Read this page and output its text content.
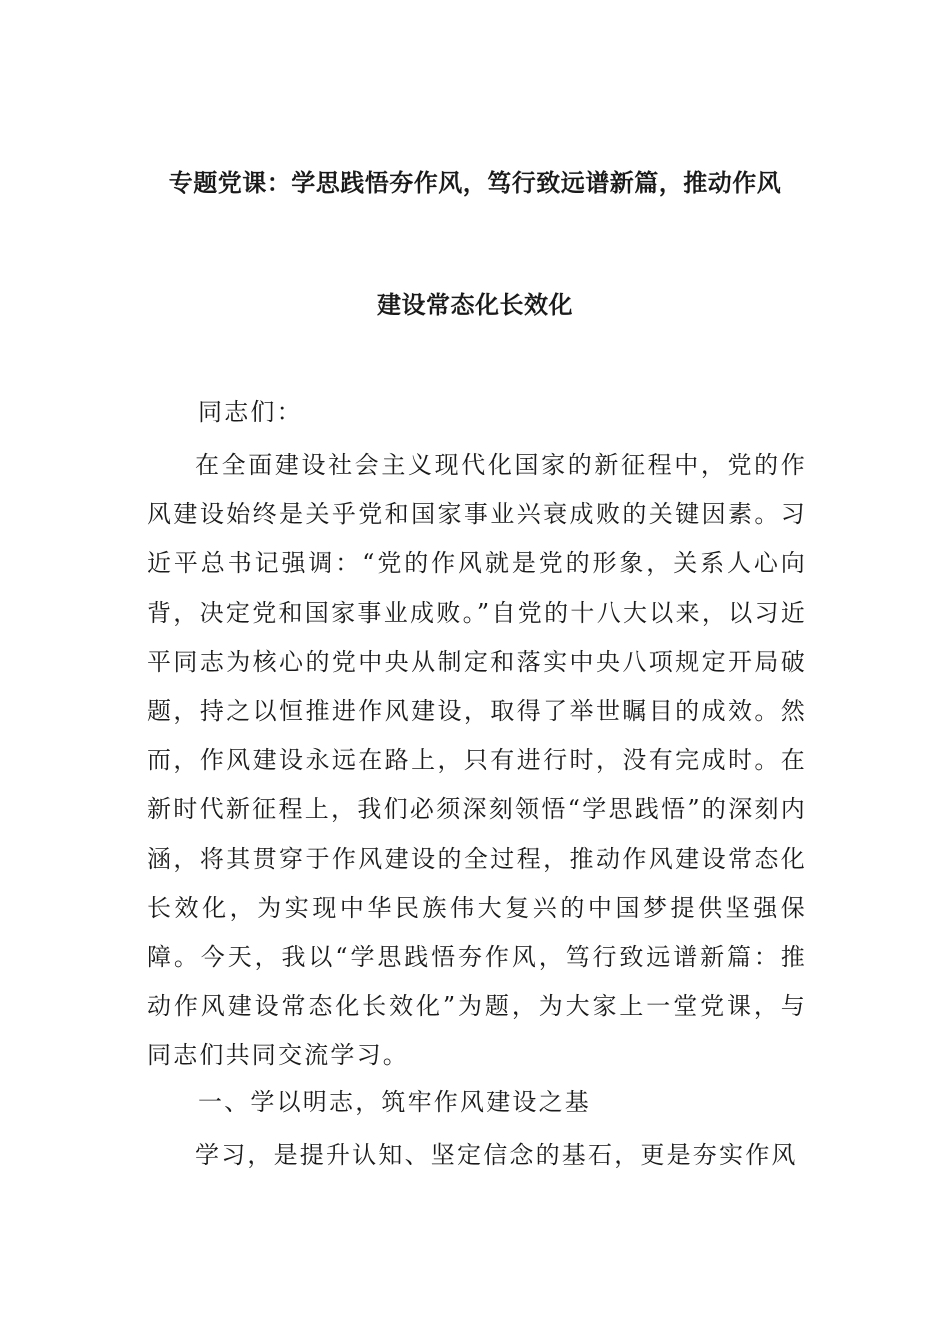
专题党课：学思践悟夯作风，笃行致远谱新篇，推动作风
建设常态化长效化
同志们：

在全面建设社会主义现代化国家的新征程中，党的作风建设始终是关乎党和国家事业兴衰成败的关键因素。习近平总书记强调：“党的作风就是党的形象，关系人心向背，决定党和国家事业成败。”自党的十八大以来，以习近平同志为核心的党中央从制定和落实中央八项规定开局破题，持之以恒推进作风建设，取得了举世瞩目的成效。然而，作风建设永远在路上，只有进行时，没有完成时。在新时代新征程上，我们必须深刻领悟“学思践悟”的深刻内涵，将其贯穿于作风建设的全过程，推动作风建设常态化长效化，为实现中华民族伟大复兴的中国梦提供坚强保障。今天，我以“学思践悟夯作风，笃行致远谱新篇：推动作风建设常态化长效化”为题，为大家上一堂党课，与同志们共同交流学习。

一、学以明志，筑牢作风建设之基

学习，是提升认知、坚定信念的基石，更是夯实作风
